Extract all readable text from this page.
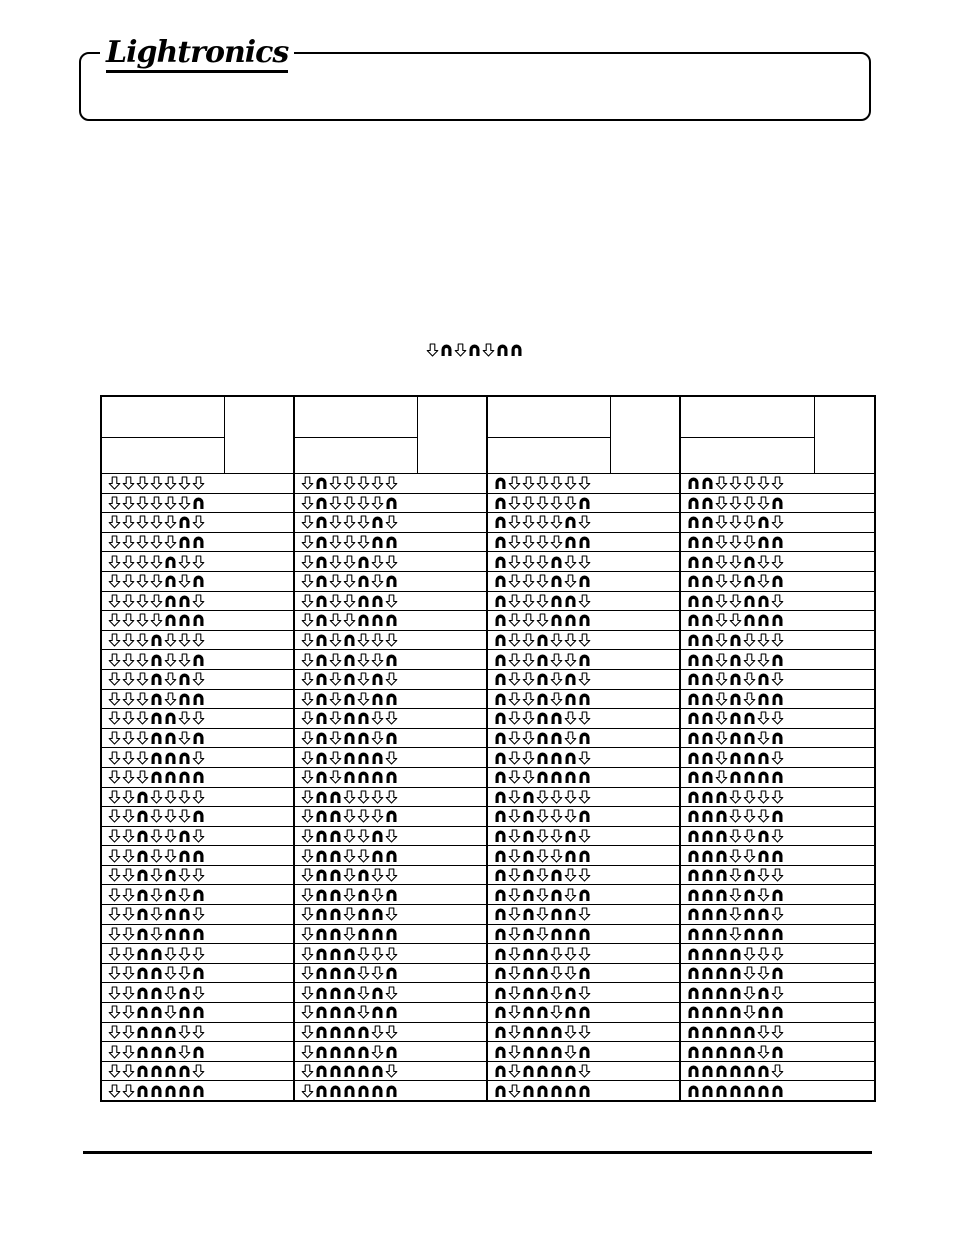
Lightronics
